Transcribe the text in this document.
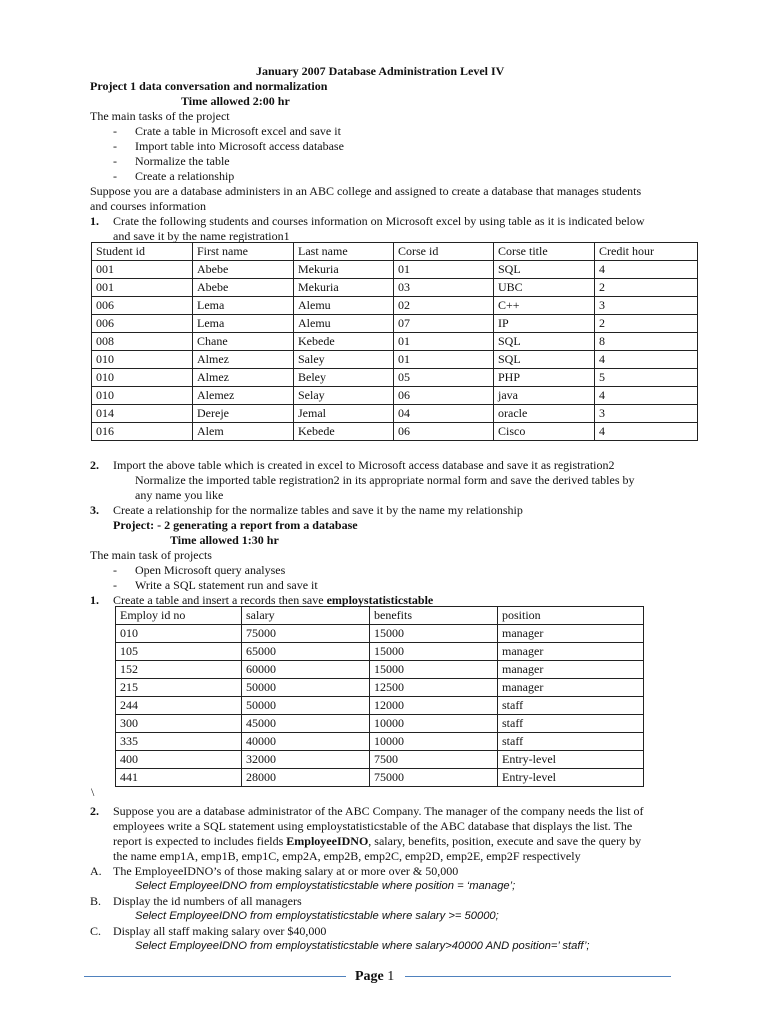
January 2007 Database Administration Level IV
Project 1 data conversation and normalization
Time allowed 2:00 hr
The main tasks of the project
- Crate a table in Microsoft excel and save it
- Import table into Microsoft access database
- Normalize the table
- Create a relationship
Suppose you are a database administers in an ABC college and assigned to create a database that manages students
and courses information
1. Crate the following students and courses information on Microsoft excel by using table as it is indicated below
and save it by the name registration1
Student id	First name	Last name	Corse id	Corse title	Credit hour
001	Abebe	Mekuria	01	SQL	4
001	Abebe	Mekuria	03	UBC	2
006	Lema	Alemu	02	C++	3
006	Lema	Alemu	07	IP	2
008	Chane	Kebede	01	SQL	8
010	Almez	Saley	01	SQL	4
010	Almez	Beley	05	PHP	5
010	Alemez	Selay	06	java	4
014	Dereje	Jemal	04	oracle	3
016	Alem	Kebede	06	Cisco	4
2. Import the above table which is created in excel to Microsoft access database and save it as registration2
Normalize the imported table registration2 in its appropriate normal form and save the derived tables by
any name you like
3. Create a relationship for the normalize tables and save it by the name my relationship
Project: - 2 generating a report from a database
Time allowed 1:30 hr
The main task of projects
- Open Microsoft query analyses
- Write a SQL statement run and save it
1. Create a table and insert a records then save employstatisticstable
Employ id no	salary	benefits	position
010	75000	15000	manager
105	65000	15000	manager
152	60000	15000	manager
215	50000	12500	manager
244	50000	12000	staff
300	45000	10000	staff
335	40000	10000	staff
400	32000	7500	Entry-level
441	28000	75000	Entry-level
\
2. Suppose you are a database administrator of the ABC Company. The manager of the company needs the list of
employees write a SQL statement using employstatisticstable of the ABC database that displays the list. The
report is expected to includes fields EmployeeIDNO, salary, benefits, position, execute and save the query by
the name emp1A, emp1B, emp1C, emp2A, emp2B, emp2C, emp2D, emp2E, emp2F respectively
A. The EmployeeIDNO’s of those making salary at or more over & 50,000
Select EmployeeIDNO from employstatisticstable where position = ‘manage’;
B. Display the id numbers of all managers
Select EmployeeIDNO from employstatisticstable where salary >= 50000;
C. Display all staff making salary over $40,000
Select EmployeeIDNO from employstatisticstable where salary>40000 AND position=’ staff’;
Page 1
